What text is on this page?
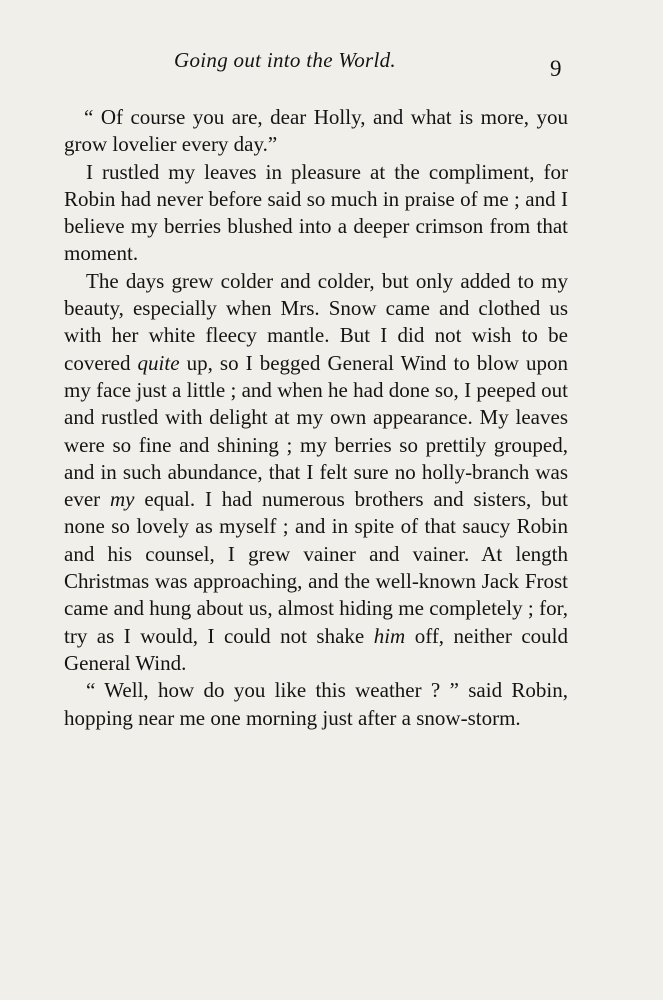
Going out into the World.	9

“ Of course you are, dear Holly, and what is more, you grow lovelier every day.”

I rustled my leaves in pleasure at the compliment, for Robin had never before said so much in praise of me ; and I believe my berries blushed into a deeper crimson from that moment.

The days grew colder and colder, but only added to my beauty, especially when Mrs. Snow came and clothed us with her white fleecy mantle. But I did not wish to be covered quite up, so I begged General Wind to blow upon my face just a little ; and when he had done so, I peeped out and rustled with delight at my own appearance. My leaves were so fine and shining ; my berries so prettily grouped, and in such abundance, that I felt sure no holly-branch was ever my equal. I had numerous brothers and sisters, but none so lovely as myself ; and in spite of that saucy Robin and his counsel, I grew vainer and vainer. At length Christmas was approaching, and the well-known Jack Frost came and hung about us, almost hiding me completely ; for, try as I would, I could not shake him off, neither could General Wind.

“ Well, how do you like this weather ? ” said Robin, hopping near me one morning just after a snow-storm.
